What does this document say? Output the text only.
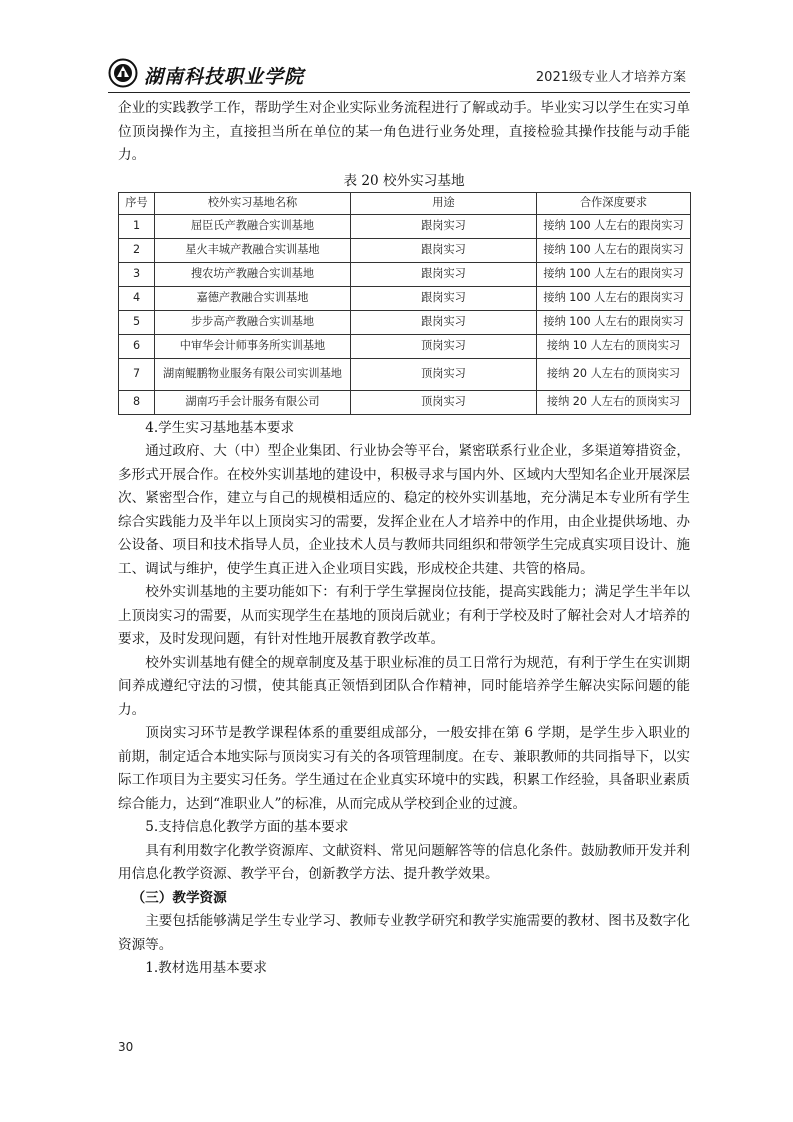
湖南科技职业学院	2021级专业人才培养方案

企业的实践教学工作，帮助学生对企业实际业务流程进行了解或动手。毕业实习以学生在实习单位顶岗操作为主，直接担当所在单位的某一角色进行业务处理，直接检验其操作技能与动手能力。

表 20 校外实习基地
序号	校外实习基地名称	用途	合作深度要求
1	屈臣氏产教融合实训基地	跟岗实习	接纳 100 人左右的跟岗实习
2	星火丰城产教融合实训基地	跟岗实习	接纳 100 人左右的跟岗实习
3	搜农坊产教融合实训基地	跟岗实习	接纳 100 人左右的跟岗实习
4	嘉德产教融合实训基地	跟岗实习	接纳 100 人左右的跟岗实习
5	步步高产教融合实训基地	跟岗实习	接纳 100 人左右的跟岗实习
6	中审华会计师事务所实训基地	顶岗实习	接纳 10 人左右的顶岗实习
7	湖南鲲鹏物业服务有限公司实训基地	顶岗实习	接纳 20 人左右的顶岗实习
8	湖南巧手会计服务有限公司	顶岗实习	接纳 20 人左右的顶岗实习

4.学生实习基地基本要求

通过政府、大（中）型企业集团、行业协会等平台，紧密联系行业企业，多渠道筹措资金，多形式开展合作。在校外实训基地的建设中，积极寻求与国内外、区域内大型知名企业开展深层次、紧密型合作，建立与自己的规模相适应的、稳定的校外实训基地，充分满足本专业所有学生综合实践能力及半年以上顶岗实习的需要，发挥企业在人才培养中的作用，由企业提供场地、办公设备、项目和技术指导人员，企业技术人员与教师共同组织和带领学生完成真实项目设计、施工、调试与维护，使学生真正进入企业项目实践，形成校企共建、共管的格局。

校外实训基地的主要功能如下：有利于学生掌握岗位技能，提高实践能力；满足学生半年以上顶岗实习的需要，从而实现学生在基地的顶岗后就业；有利于学校及时了解社会对人才培养的要求，及时发现问题，有针对性地开展教育教学改革。

校外实训基地有健全的规章制度及基于职业标准的员工日常行为规范，有利于学生在实训期间养成遵纪守法的习惯，使其能真正领悟到团队合作精神，同时能培养学生解决实际问题的能力。

顶岗实习环节是教学课程体系的重要组成部分，一般安排在第 6 学期，是学生步入职业的前期，制定适合本地实际与顶岗实习有关的各项管理制度。在专、兼职教师的共同指导下，以实际工作项目为主要实习任务。学生通过在企业真实环境中的实践，积累工作经验，具备职业素质综合能力，达到“准职业人”的标准，从而完成从学校到企业的过渡。

5.支持信息化教学方面的基本要求

具有利用数字化教学资源库、文献资料、常见问题解答等的信息化条件。鼓励教师开发并利用信息化教学资源、教学平台，创新教学方法、提升教学效果。

（三）教学资源

主要包括能够满足学生专业学习、教师专业教学研究和教学实施需要的教材、图书及数字化资源等。

1.教材选用基本要求

30
